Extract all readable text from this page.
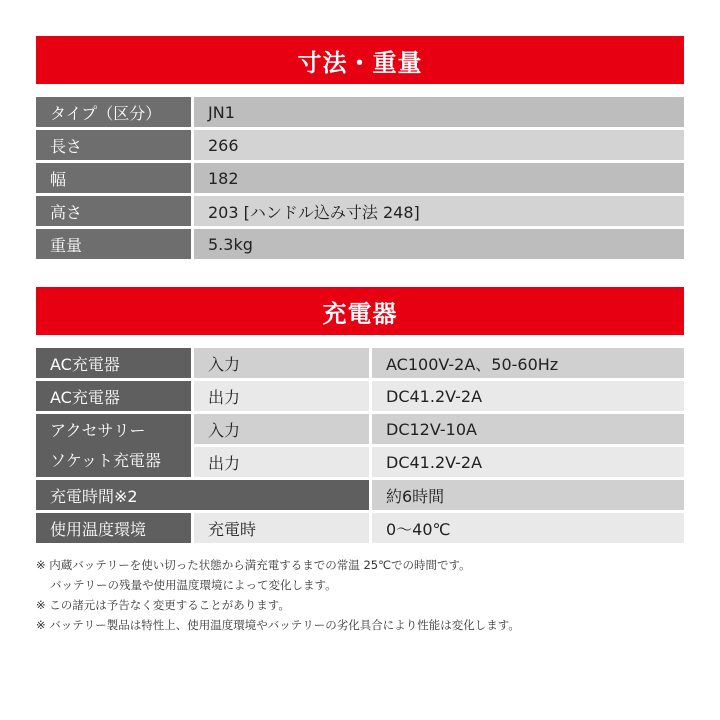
寸法・重量
タイプ（区分）	JN1
長さ	266
幅	182
高さ	203 [ハンドル込み寸法 248]
重量	5.3kg
充電器
AC充電器	入力	AC100V-2A、50-60Hz
AC充電器	出力	DC41.2V-2A
アクセサリー
ソケット充電器
入力	DC12V-10A
出力	DC41.2V-2A
充電時間※2	約6時間
使用温度環境	充電時	0〜40℃
※ 内蔵バッテリーを使い切った状態から満充電するまでの常温 25℃での時間です。
バッテリーの残量や使用温度環境によって変化します。
※ この諸元は予告なく変更することがあります。
※ バッテリー製品は特性上、使用温度環境やバッテリーの劣化具合により性能は変化します。
